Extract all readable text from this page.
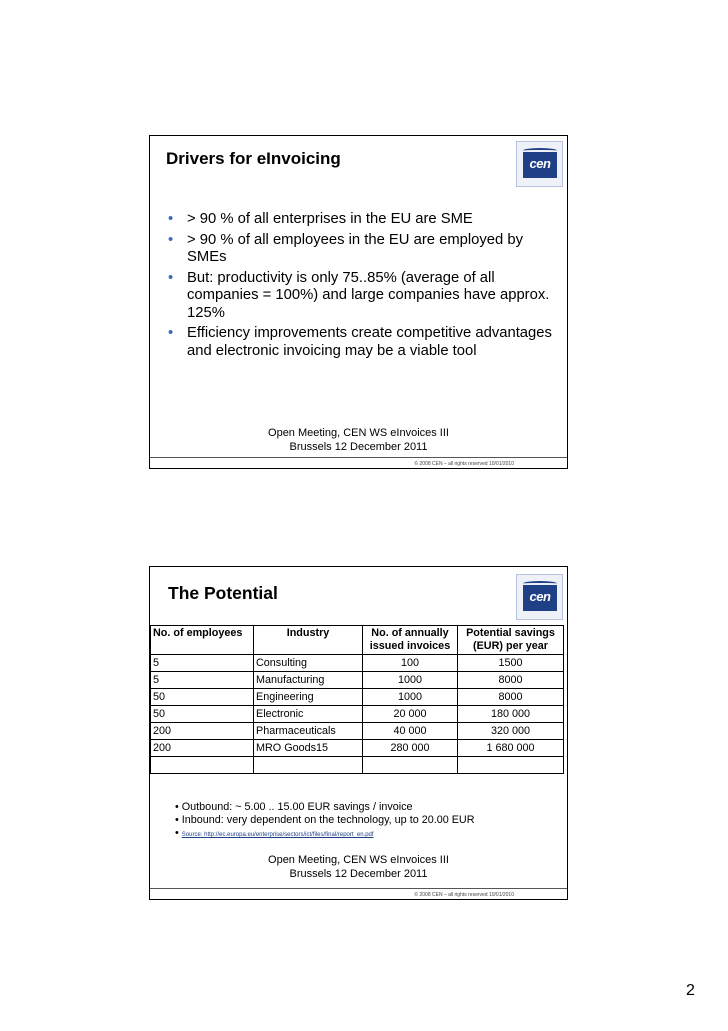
Drivers for eInvoicing	cen
• > 90 % of all enterprises in the EU are SME
• > 90 % of all employees in the EU are employed by SMEs
• But: productivity is only 75..85% (average of all companies = 100%) and large companies have approx. 125%
• Efficiency improvements create competitive advantages and electronic invoicing may be a viable tool
Open Meeting, CEN WS eInvoices III
Brussels 12 December 2011
© 2008 CEN – all rights reserved 10/01/2010
The Potential	cen
No. of employees	Industry	No. of annually issued invoices	Potential savings (EUR) per year
5	Consulting	100	1500
5	Manufacturing	1000	8000
50	Engineering	1000	8000
50	Electronic	20 000	180 000
200	Pharmaceuticals	40 000	320 000
200	MRO Goods15	280 000	1 680 000

• Outbound: ~ 5.00 .. 15.00 EUR savings / invoice
• Inbound: very dependent on the technology, up to 20.00 EUR
• Source: http://ec.europa.eu/enterprise/sectors/ict/files/final/report_en.pdf
Open Meeting, CEN WS eInvoices III
Brussels 12 December 2011
© 2008 CEN – all rights reserved 10/01/2010
2
